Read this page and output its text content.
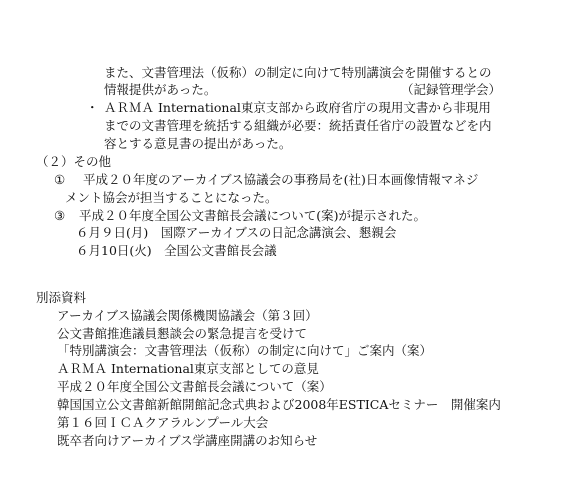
また、文書管理法（仮称）の制定に向けて特別講演会を開催するとの
情報提供があった。	（記録管理学会）
・ ＡＲＭＡ International東京支部から政府省庁の現用文書から非現用
までの文書管理を統括する組織が必要：統括責任省庁の設置などを内
容とする意見書の提出があった。
（２）その他
① 平成２０年度のアーカイブス協議会の事務局を(社)日本画像情報マネジ
メント協会が担当することになった。
③ 平成２０年度全国公文書館長会議について(案)が提示された。
６月９日(月)　国際アーカイブスの日記念講演会、懇親会
６月10日(火)　全国公文書館長会議
別添資料
アーカイブス協議会関係機関協議会（第３回）
公文書館推進議員懇談会の緊急提言を受けて
「特別講演会：文書管理法（仮称）の制定に向けて」ご案内（案）
ＡＲＭＡ International東京支部としての意見
平成２０年度全国公文書館長会議について（案）
韓国国立公文書館新館開館記念式典および2008年ESTICAセミナー　開催案内
第１６回ＩＣＡクアラルンプール大会
既卒者向けアーカイブス学講座開講のお知らせ
